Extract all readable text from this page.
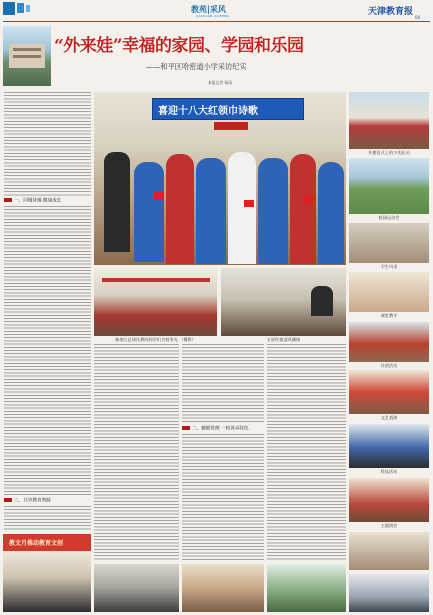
教苑|采风
JIAOYUAN CAIFENG	天津教育报
04
“外来娃”幸福的家园、学园和乐园
——和平区哈密道小学采访纪实
本报记者 杨雨
一、同城待遇 健康成长
三、共享教育资源
喜迎十八大红领巾诗歌
升旗仪式上的少先队员
校园运动会
学生风采
参加区足球比赛的同学们为校争光 （摄影）	五星红旗迎风飘扬
课堂教学
社团活动
二、精细管理 一校各具特色
文艺表演
科技活动
主题班会
教文月推动教育文创
